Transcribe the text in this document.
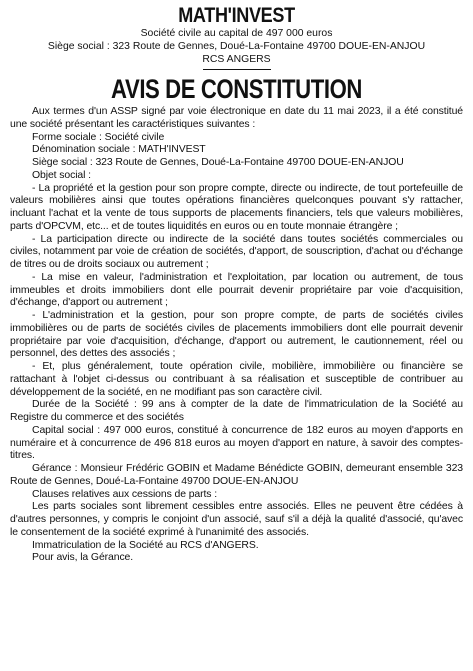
MATH'INVEST

Société civile au capital de 497 000 euros

Siège social : 323 Route de Gennes, Doué-La-Fontaine 49700 DOUE-EN-ANJOU

RCS ANGERS

AVIS DE CONSTITUTION

Aux termes d'un ASSP signé par voie électronique en date du 11 mai 2023, il a été constitué une société présentant les caractéristiques suivantes :

Forme sociale : Société civile

Dénomination sociale : MATH'INVEST

Siège social : 323 Route de Gennes, Doué-La-Fontaine 49700 DOUE-EN-ANJOU

Objet social :

- La propriété et la gestion pour son propre compte, directe ou indirecte, de tout portefeuille de valeurs mobilières ainsi que toutes opérations financières quelconques pouvant s'y rattacher, incluant l'achat et la vente de tous supports de placements financiers, tels que valeurs mobilières, parts d'OPCVM, etc... et de toutes liquidités en euros ou en toute monnaie étrangère ;

- La participation directe ou indirecte de la société dans toutes sociétés commerciales ou civiles, notamment par voie de création de sociétés, d'apport, de souscription, d'achat ou d'échange de titres ou de droits sociaux ou autrement ;

- La mise en valeur, l'administration et l'exploitation, par location ou autrement, de tous immeubles et droits immobiliers dont elle pourrait devenir propriétaire par voie d'acquisition, d'échange, d'apport ou autrement ;

- L'administration et la gestion, pour son propre compte, de parts de sociétés civiles immobilières ou de parts de sociétés civiles de placements immobiliers dont elle pourrait devenir propriétaire par voie d'acquisition, d'échange, d'apport ou autrement, le cautionnement, réel ou personnel, des dettes des associés ;

- Et, plus généralement, toute opération civile, mobilière, immobilière ou financière se rattachant à l'objet ci-dessus ou contribuant à sa réalisation et susceptible de contribuer au développement de la société, en ne modifiant pas son caractère civil.

Durée de la Société : 99 ans à compter de la date de l'immatriculation de la Société au Registre du commerce et des sociétés

Capital social : 497 000 euros, constitué à concurrence de 182 euros au moyen d'apports en numéraire et à concurrence de 496 818 euros au moyen d'apport en nature, à savoir des comptes-titres.

Gérance : Monsieur Frédéric GOBIN et Madame Bénédicte GOBIN, demeurant ensemble 323 Route de Gennes, Doué-La-Fontaine 49700 DOUE-EN-ANJOU

Clauses relatives aux cessions de parts :

Les parts sociales sont librement cessibles entre associés. Elles ne peuvent être cédées à d'autres personnes, y compris le conjoint d'un associé, sauf s'il a déjà la qualité d'associé, qu'avec le consentement de la société exprimé à l'unanimité des associés.

Immatriculation de la Société au RCS d'ANGERS.

Pour avis, la Gérance.
